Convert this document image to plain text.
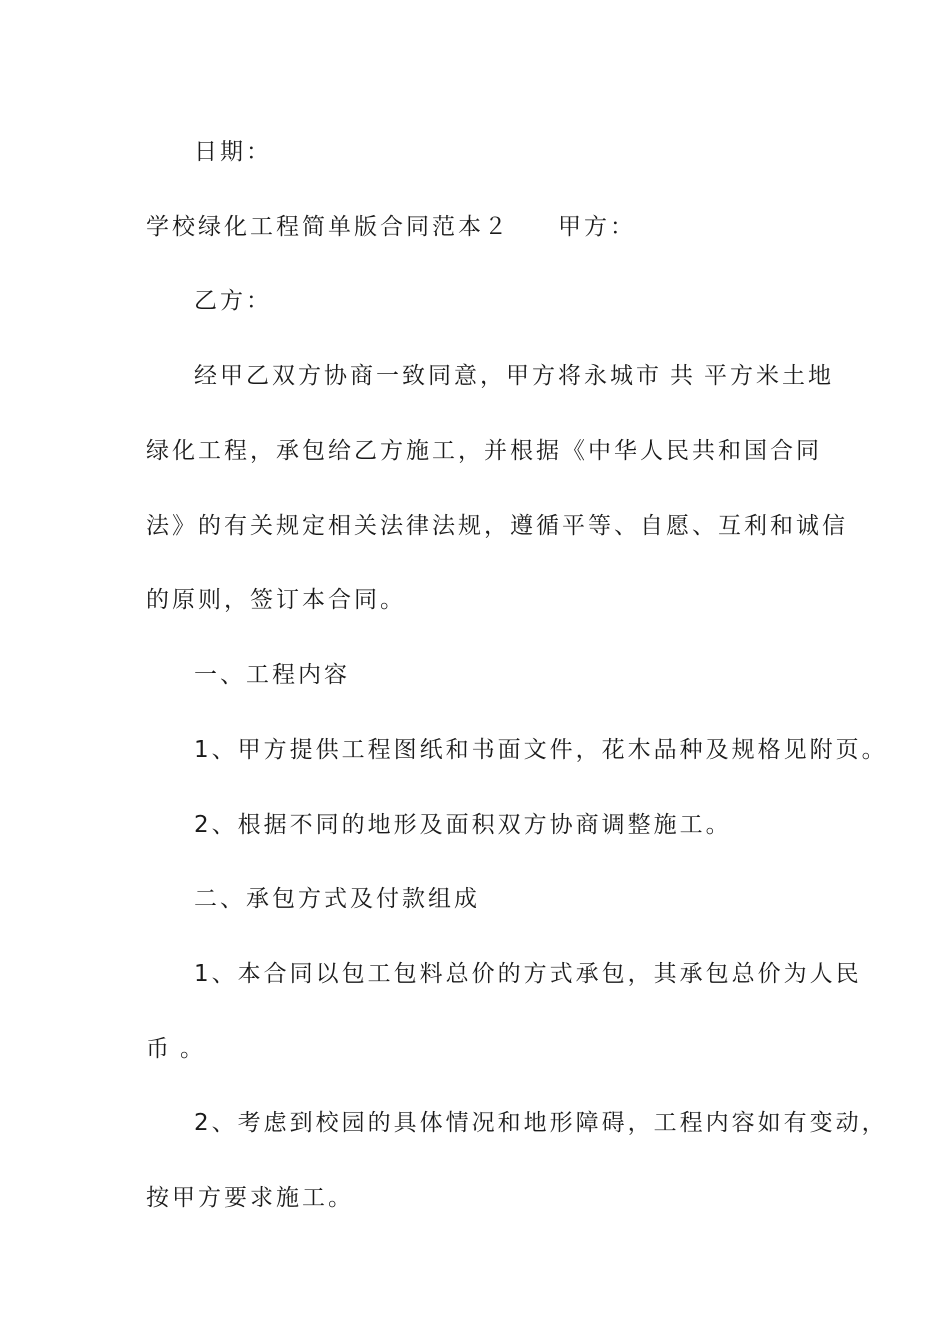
日期：
学校绿化工程简单版合同范本２ 甲方：
乙方：
经甲乙双方协商一致同意，甲方将永城市 共 平方米土地
绿化工程，承包给乙方施工，并根据《中华人民共和国合同
法》的有关规定相关法律法规，遵循平等、自愿、互利和诚信
的原则，签订本合同。
一、工程内容
1、甲方提供工程图纸和书面文件，花木品种及规格见附页。
2、根据不同的地形及面积双方协商调整施工。
二、承包方式及付款组成
1、本合同以包工包料总价的方式承包，其承包总价为人民
币 。
2、考虑到校园的具体情况和地形障碍，工程内容如有变动，
按甲方要求施工。
